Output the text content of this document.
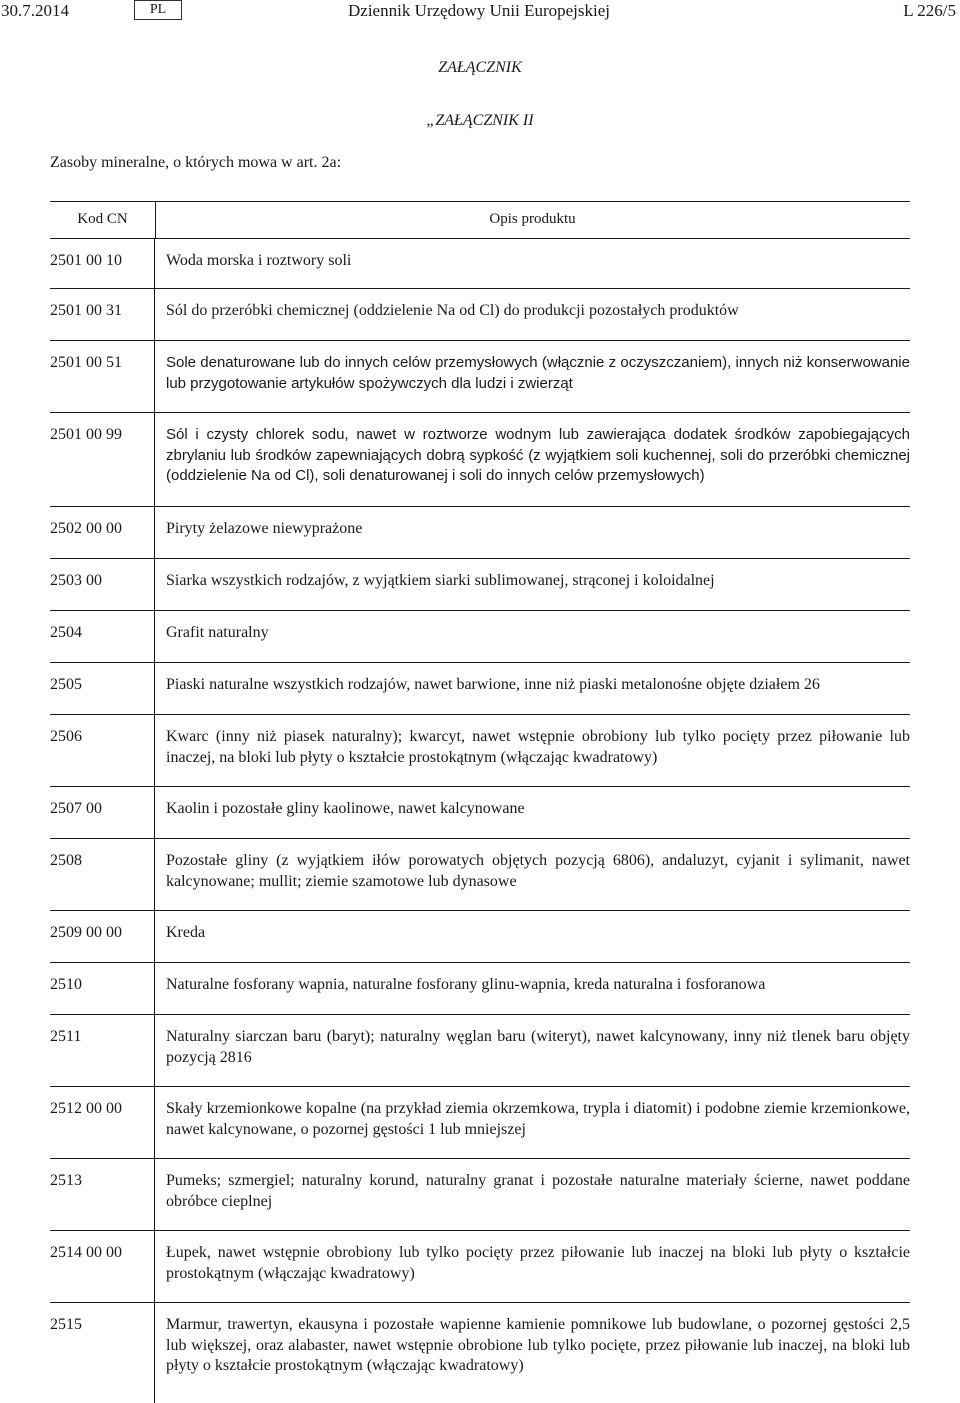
30.7.2014	PL	Dziennik Urzędowy Unii Europejskiej	L 226/5
ZAŁĄCZNIK
„ZAŁĄCZNIK II
Zasoby mineralne, o których mowa w art. 2a:
Kod CN	Opis produktu
2501 00 10	Woda morska i roztwory soli
2501 00 31	Sól do przeróbki chemicznej (oddzielenie Na od Cl) do produkcji pozostałych produktów
2501 00 51	Sole denaturowane lub do innych celów przemysłowych (włącznie z oczyszczaniem), innych niż konserwowanie lub przygotowanie artykułów spożywczych dla ludzi i zwierząt
2501 00 99	Sól i czysty chlorek sodu, nawet w roztworze wodnym lub zawierająca dodatek środków zapobiegających zbrylaniu lub środków zapewniających dobrą sypkość (z wyjątkiem soli kuchennej, soli do przeróbki chemicznej (oddzielenie Na od Cl), soli denaturowanej i soli do innych celów przemysłowych)
2502 00 00	Piryty żelazowe niewyprażone
2503 00	Siarka wszystkich rodzajów, z wyjątkiem siarki sublimowanej, strąconej i koloidalnej
2504	Grafit naturalny
2505	Piaski naturalne wszystkich rodzajów, nawet barwione, inne niż piaski metalonośne objęte działem 26
2506	Kwarc (inny niż piasek naturalny); kwarcyt, nawet wstępnie obrobiony lub tylko pocięty przez piłowanie lub inaczej, na bloki lub płyty o kształcie prostokątnym (włączając kwadratowy)
2507 00	Kaolin i pozostałe gliny kaolinowe, nawet kalcynowane
2508	Pozostałe gliny (z wyjątkiem iłów porowatych objętych pozycją 6806), andaluzyt, cyjanit i sylimanit, nawet kalcynowane; mullit; ziemie szamotowe lub dynasowe
2509 00 00	Kreda
2510	Naturalne fosforany wapnia, naturalne fosforany glinu-wapnia, kreda naturalna i fosforanowa
2511	Naturalny siarczan baru (baryt); naturalny węglan baru (witeryt), nawet kalcynowany, inny niż tlenek baru objęty pozycją 2816
2512 00 00	Skały krzemionkowe kopalne (na przykład ziemia okrzemkowa, trypla i diatomit) i podobne ziemie krzemionkowe, nawet kalcynowane, o pozornej gęstości 1 lub mniejszej
2513	Pumeks; szmergiel; naturalny korund, naturalny granat i pozostałe naturalne materiały ścierne, nawet poddane obróbce cieplnej
2514 00 00	Łupek, nawet wstępnie obrobiony lub tylko pocięty przez piłowanie lub inaczej na bloki lub płyty o kształcie prostokątnym (włączając kwadratowy)
2515	Marmur, trawertyn, ekausyna i pozostałe wapienne kamienie pomnikowe lub budowlane, o pozornej gęstości 2,5 lub większej, oraz alabaster, nawet wstępnie obrobione lub tylko pocięte, przez piłowanie lub inaczej, na bloki lub płyty o kształcie prostokątnym (włączając kwadratowy)
